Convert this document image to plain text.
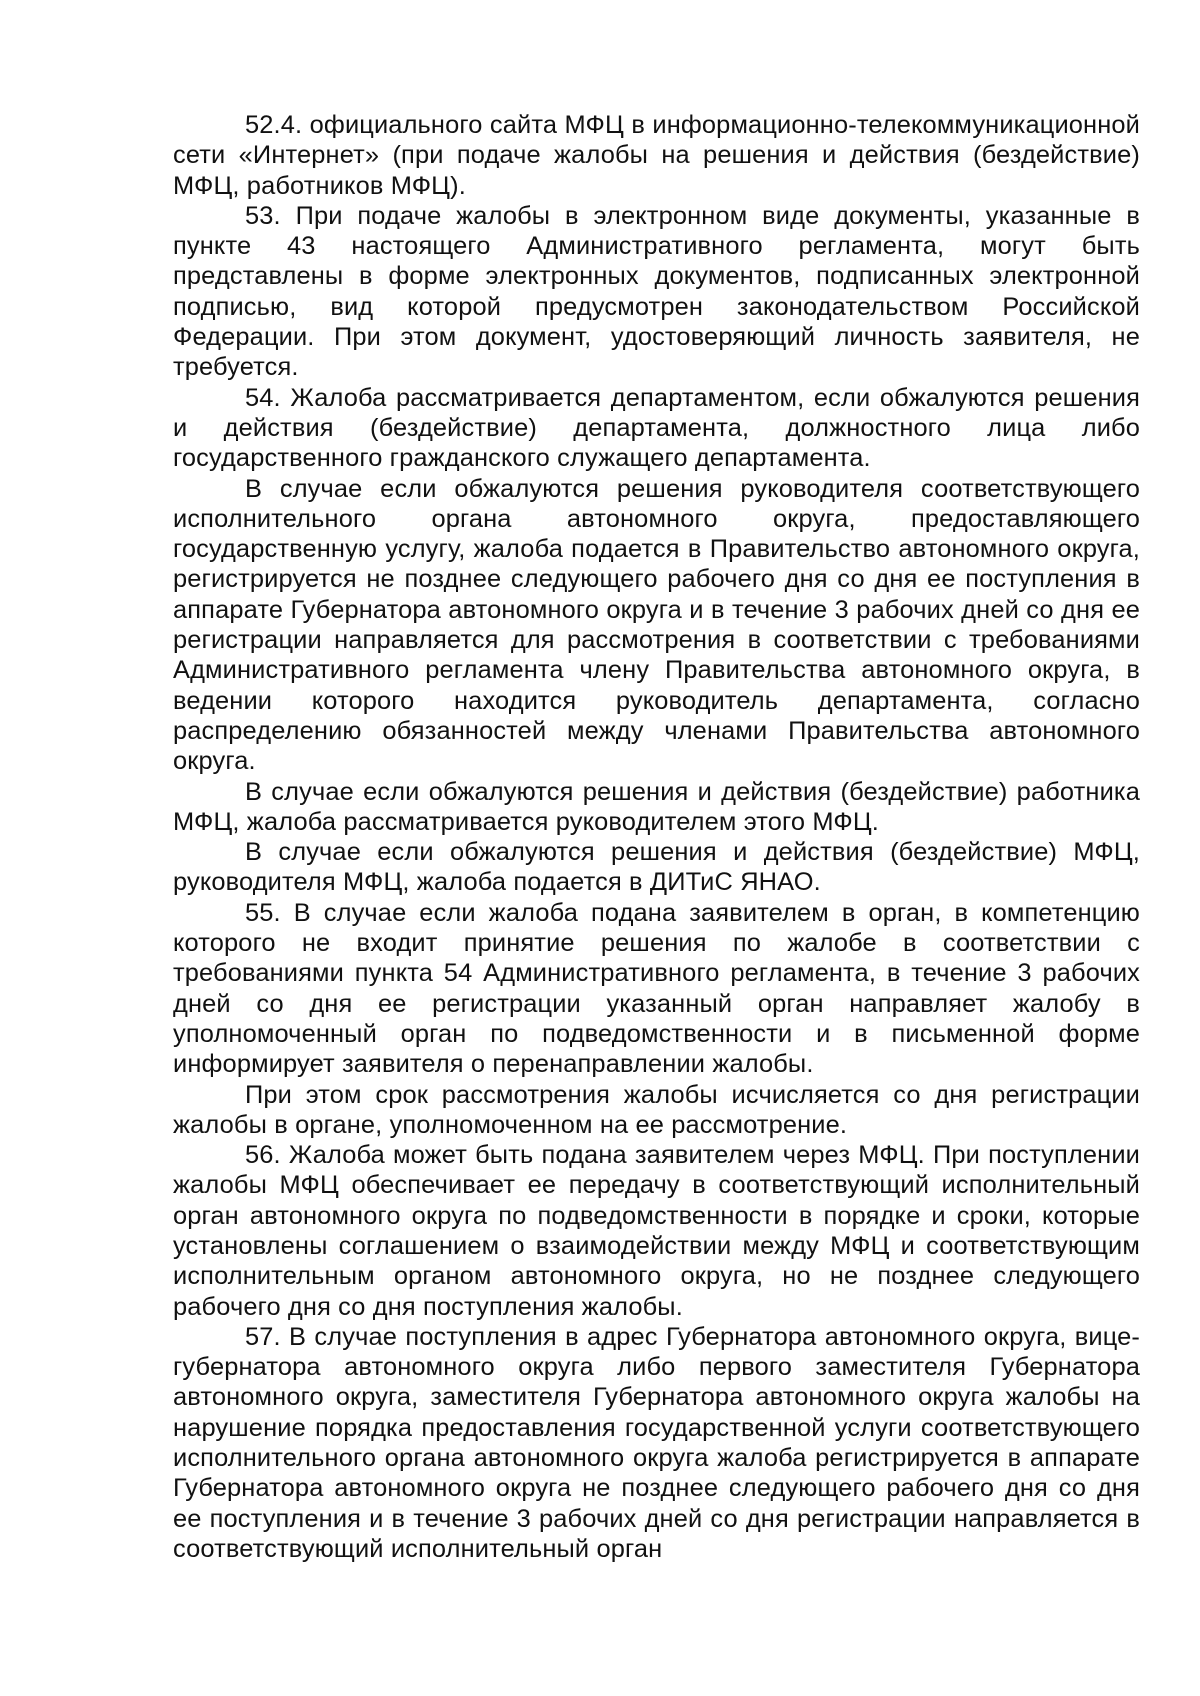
52.4. официального сайта МФЦ в информационно-телекоммуникационной сети «Интернет» (при подаче жалобы на решения и действия (бездействие) МФЦ, работников МФЦ).

53. При подаче жалобы в электронном виде документы, указанные в пункте 43 настоящего Административного регламента, могут быть представлены в форме электронных документов, подписанных электронной подписью, вид которой предусмотрен законодательством Российской Федерации. При этом документ, удостоверяющий личность заявителя, не требуется.

54. Жалоба рассматривается департаментом, если обжалуются решения и действия (бездействие) департамента, должностного лица либо государственного гражданского служащего департамента.

В случае если обжалуются решения руководителя соответствующего исполнительного органа автономного округа, предоставляющего государственную услугу, жалоба подается в Правительство автономного округа, регистрируется не позднее следующего рабочего дня со дня ее поступления в аппарате Губернатора автономного округа и в течение 3 рабочих дней со дня ее регистрации направляется для рассмотрения в соответствии с требованиями Административного регламента члену Правительства автономного округа, в ведении которого находится руководитель департамента, согласно распределению обязанностей между членами Правительства автономного округа.

В случае если обжалуются решения и действия (бездействие) работника МФЦ, жалоба рассматривается руководителем этого МФЦ.

В случае если обжалуются решения и действия (бездействие) МФЦ, руководителя МФЦ, жалоба подается в ДИТиС ЯНАО.

55. В случае если жалоба подана заявителем в орган, в компетенцию которого не входит принятие решения по жалобе в соответствии с требованиями пункта 54 Административного регламента, в течение 3 рабочих дней со дня ее регистрации указанный орган направляет жалобу в уполномоченный орган по подведомственности и в письменной форме информирует заявителя о перенаправлении жалобы.

При этом срок рассмотрения жалобы исчисляется со дня регистрации жалобы в органе, уполномоченном на ее рассмотрение.

56. Жалоба может быть подана заявителем через МФЦ. При поступлении жалобы МФЦ обеспечивает ее передачу в соответствующий исполнительный орган автономного округа по подведомственности в порядке и сроки, которые установлены соглашением о взаимодействии между МФЦ и соответствующим исполнительным органом автономного округа, но не позднее следующего рабочего дня со дня поступления жалобы.

57. В случае поступления в адрес Губернатора автономного округа, вице-губернатора автономного округа либо первого заместителя Губернатора автономного округа, заместителя Губернатора автономного округа жалобы на нарушение порядка предоставления государственной услуги соответствующего исполнительного органа автономного округа жалоба регистрируется в аппарате Губернатора автономного округа не позднее следующего рабочего дня со дня ее поступления и в течение 3 рабочих дней со дня регистрации направляется в соответствующий исполнительный орган
